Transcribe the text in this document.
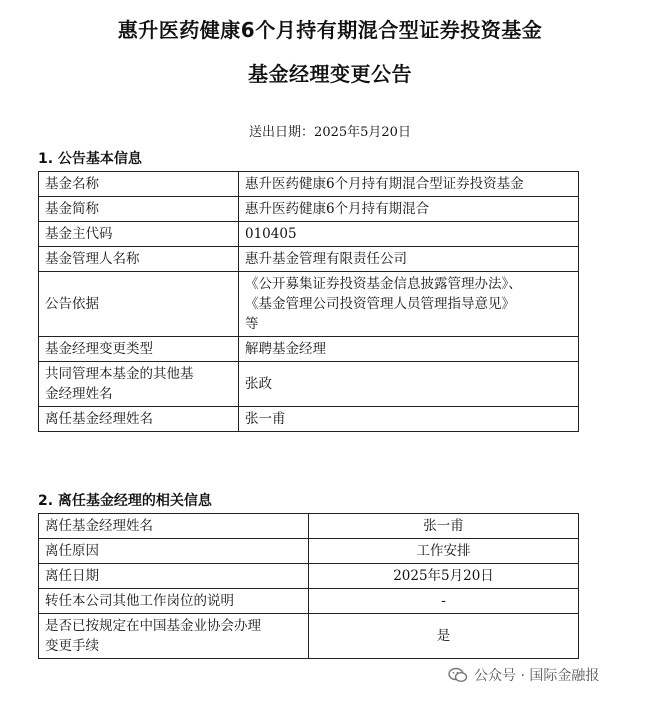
惠升医药健康6个月持有期混合型证券投资基金
基金经理变更公告
送出日期：2025年5月20日
1. 公告基本信息
基金名称	惠升医药健康6个月持有期混合型证券投资基金
基金简称	惠升医药健康6个月持有期混合
基金主代码	010405
基金管理人名称	惠升基金管理有限责任公司
公告依据	《公开募集证券投资基金信息披露管理办法》、
《基金管理公司投资管理人员管理指导意见》
等

基金经理变更类型	解聘基金经理

共同管理本基金的其他基
金经理姓名	张政
离任基金经理姓名	张一甫
2. 离任基金经理的相关信息
离任基金经理姓名	张一甫
离任原因	工作安排
离任日期	2025年5月20日
转任本公司其他工作岗位的说明	-

是否已按规定在中国基金业协会办理
变更手续	是
公众号 · 国际金融报
